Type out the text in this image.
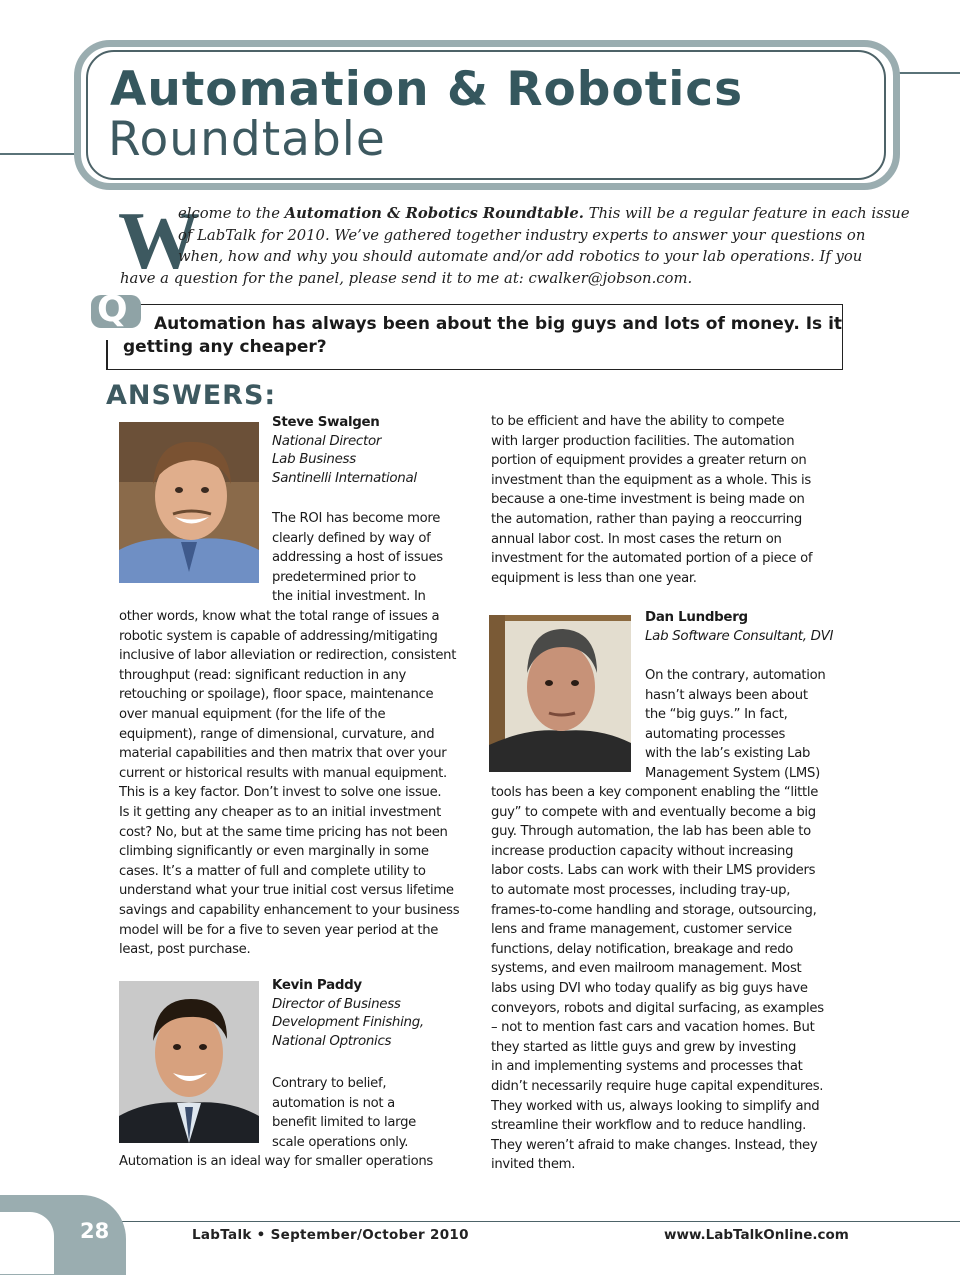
Automation & Robotics
Roundtable
W
elcome to the Automation & Robotics Roundtable. This will be a regular feature in each issue
of LabTalk for 2010. We’ve gathered together industry experts to answer your questions on
when, how and why you should automate and/or add robotics to your lab operations. If you
have a question for the panel, please send it to me at: cwalker@jobson.com.
Q	Automation has always been about the big guys and lots of money. Is it
getting any cheaper?
ANSWERS:
Steve Swalgen
National Director
Lab Business
Santinelli International
The ROI has become more
clearly defined by way of
addressing a host of issues
predetermined prior to
the initial investment. In
other words, know what the total range of issues a
robotic system is capable of addressing/mitigating
inclusive of labor alleviation or redirection, consistent
throughput (read: significant reduction in any
retouching or spoilage), floor space, maintenance
over manual equipment (for the life of the
equipment), range of dimensional, curvature, and
material capabilities and then matrix that over your
current or historical results with manual equipment.
This is a key factor. Don’t invest to solve one issue.
Is it getting any cheaper as to an initial investment
cost? No, but at the same time pricing has not been
climbing significantly or even marginally in some
cases. It’s a matter of full and complete utility to
understand what your true initial cost versus lifetime
savings and capability enhancement to your business
model will be for a five to seven year period at the
least, post purchase.
Kevin Paddy
Director of Business
Development Finishing,
National Optronics
Contrary to belief,
automation is not a
benefit limited to large
scale operations only.
Automation is an ideal way for smaller operations
to be efficient and have the ability to compete
with larger production facilities. The automation
portion of equipment provides a greater return on
investment than the equipment as a whole. This is
because a one-time investment is being made on
the automation, rather than paying a reoccurring
annual labor cost. In most cases the return on
investment for the automated portion of a piece of
equipment is less than one year.
Dan Lundberg
Lab Software Consultant, DVI
On the contrary, automation
hasn’t always been about
the “big guys.” In fact,
automating processes
with the lab’s existing Lab
Management System (LMS)
tools has been a key component enabling the “little
guy” to compete with and eventually become a big
guy. Through automation, the lab has been able to
increase production capacity without increasing
labor costs. Labs can work with their LMS providers
to automate most processes, including tray-up,
frames-to-come handling and storage, outsourcing,
lens and frame management, customer service
functions, delay notification, breakage and redo
systems, and even mailroom management. Most
labs using DVI who today qualify as big guys have
conveyors, robots and digital surfacing, as examples
– not to mention fast cars and vacation homes. But
they started as little guys and grew by investing
in and implementing systems and processes that
didn’t necessarily require huge capital expenditures.
They worked with us, always looking to simplify and
streamline their workflow and to reduce handling.
They weren’t afraid to make changes. Instead, they
invited them.
28	LabTalk • September/October 2010	www.LabTalkOnline.com
